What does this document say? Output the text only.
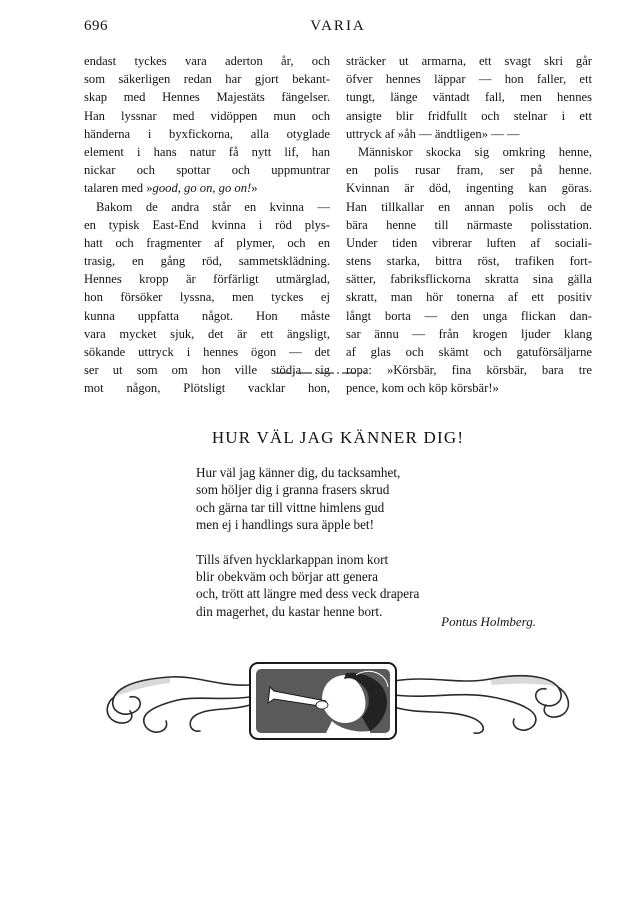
696	VARIA
endast tyckes vara aderton år, och
som säkerligen redan har gjort bekant-
skap med Hennes Majestäts fängelser.
Han lyssnar med vidöppen mun och
händerna i byxfickorna, alla otyglade
element i hans natur få nytt lif, han
nickar och spottar och uppmuntrar
talaren med »good, go on, go on!»
Bakom de andra står en kvinna —
en typisk East-End kvinna i röd plys-
hatt och fragmenter af plymer, och en
trasig, en gång röd, sammetsklädning.
Hennes kropp är förfärligt utmärglad,
hon försöker lyssna, men tyckes ej
kunna uppfatta något. Hon måste
vara mycket sjuk, det är ett ängsligt,
sökande uttryck i hennes ögon — det
ser ut som om hon ville stödja sig
mot någon, Plötsligt vacklar hon,
sträcker ut armarna, ett svagt skri går
öfver hennes läppar — hon faller, ett
tungt, länge väntadt fall, men hennes
ansigte blir fridfullt och stelnar i ett
uttryck af »åh — ändtligen» — —
Människor skocka sig omkring henne,
en polis rusar fram, ser på henne.
Kvinnan är död, ingenting kan göras.
Han tillkallar en annan polis och de
bära henne till närmaste polisstation.
Under tiden vibrerar luften af sociali-
stens starka, bittra röst, trafiken fort-
sätter, fabriksflickorna skratta sina gälla
skratt, man hör tonerna af ett positiv
långt borta — den unga flickan dan-
sar ännu — från krogen ljuder klang
af glas och skämt och gatuförsäljarne
ropa: »Körsbär, fina körsbär, bara tre
pence, kom och köp körsbär!»
HUR VÄL JAG KÄNNER DIG!
Hur väl jag känner dig, du tacksamhet,
som höljer dig i granna frasers skrud
och gärna tar till vittne himlens gud
men ej i handlings sura äpple bet!
Tills äfven hycklarkappan inom kort
blir obekväm och börjar att genera
och, trött att längre med dess veck drapera
din magerhet, du kastar henne bort.
Pontus Holmberg.
